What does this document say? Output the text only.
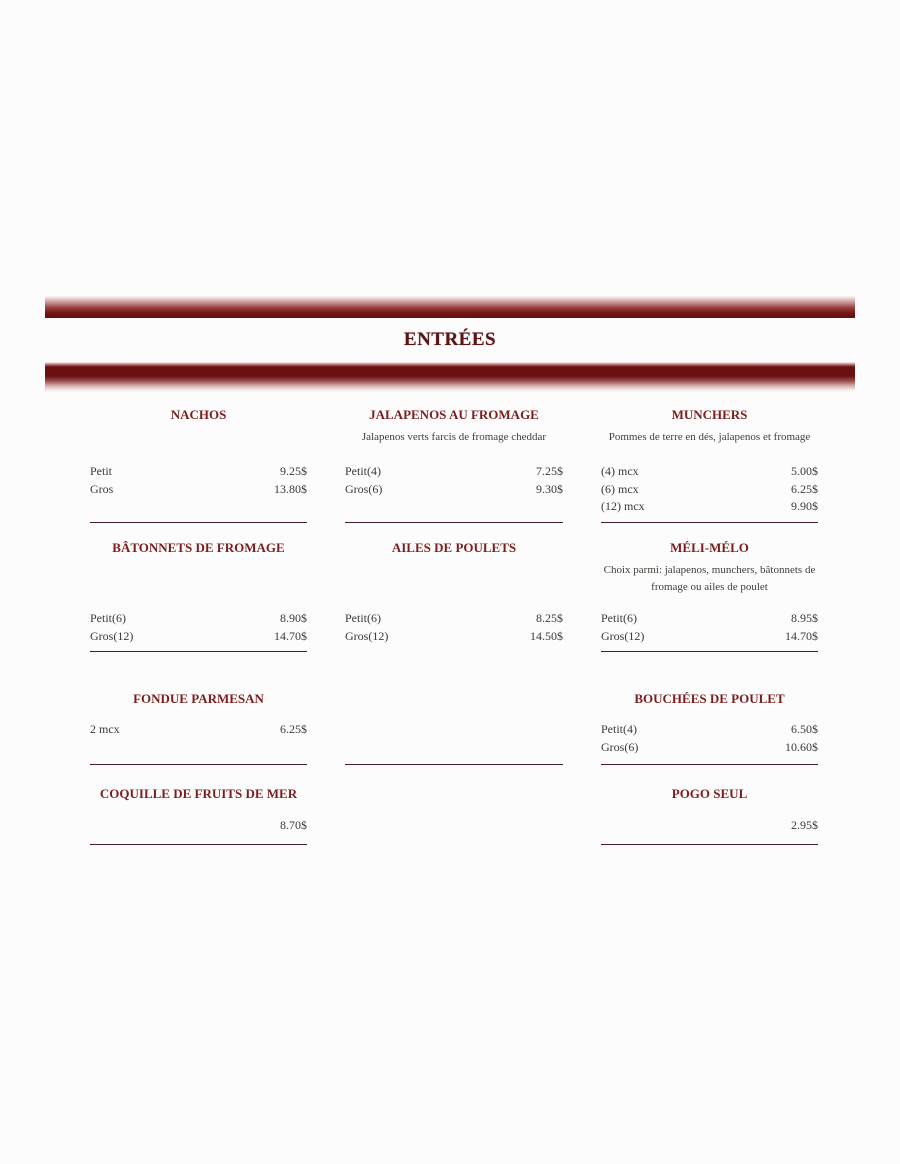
ENTRÉES
NACHOS

Petit	9.25$
Gros	13.80$
JALAPENOS AU FROMAGE

Jalapenos verts farcis de fromage cheddar

Petit(4)	7.25$
Gros(6)	9.30$
MUNCHERS

Pommes de terre en dés, jalapenos et fromage

(4) mcx	5.00$
(6) mcx	6.25$
(12) mcx	9.90$
BÂTONNETS DE FROMAGE

Petit(6)	8.90$
Gros(12)	14.70$
AILES DE POULETS

Petit(6)	8.25$
Gros(12)	14.50$
MÉLI-MÉLO

Choix parmi: jalapenos, munchers, bâtonnets de fromage ou ailes de poulet

Petit(6)	8.95$
Gros(12)	14.70$
FONDUE PARMESAN
2 mcx	6.25$
BOUCHÉES DE POULET
Petit(4)	6.50$
Gros(6)	10.60$
COQUILLE DE FRUITS DE MER
8.70$
POGO SEUL
2.95$
